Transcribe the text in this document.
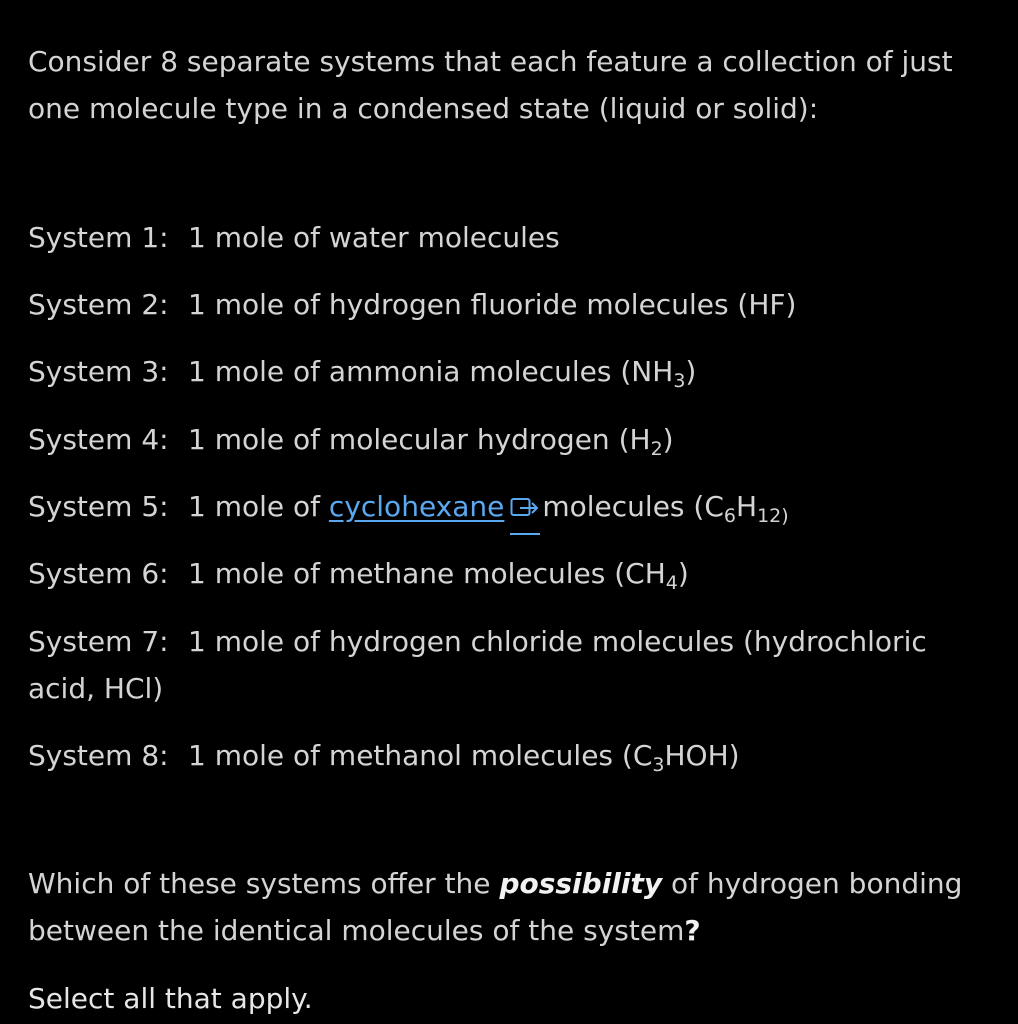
Consider 8 separate systems that each feature a collection of just one molecule type in a condensed state (liquid or solid):

System 1: 1 mole of water molecules
System 2: 1 mole of hydrogen fluoride molecules (HF)
System 3: 1 mole of ammonia molecules $(NH_3)$
System 4: 1 mole of molecular hydrogen $(H_2)$
System 5: 1 mole of cyclohexane molecules ($C_6H_{12)}$
System 6: 1 mole of methane molecules $(CH_4)$
System 7: 1 mole of hydrogen chloride molecules (hydrochloric acid, HCl)
System 8: 1 mole of methanol molecules $(C_3HOH)$

Which of these systems offer the possibility of hydrogen bonding between the identical molecules of the system?

Select all that apply.
